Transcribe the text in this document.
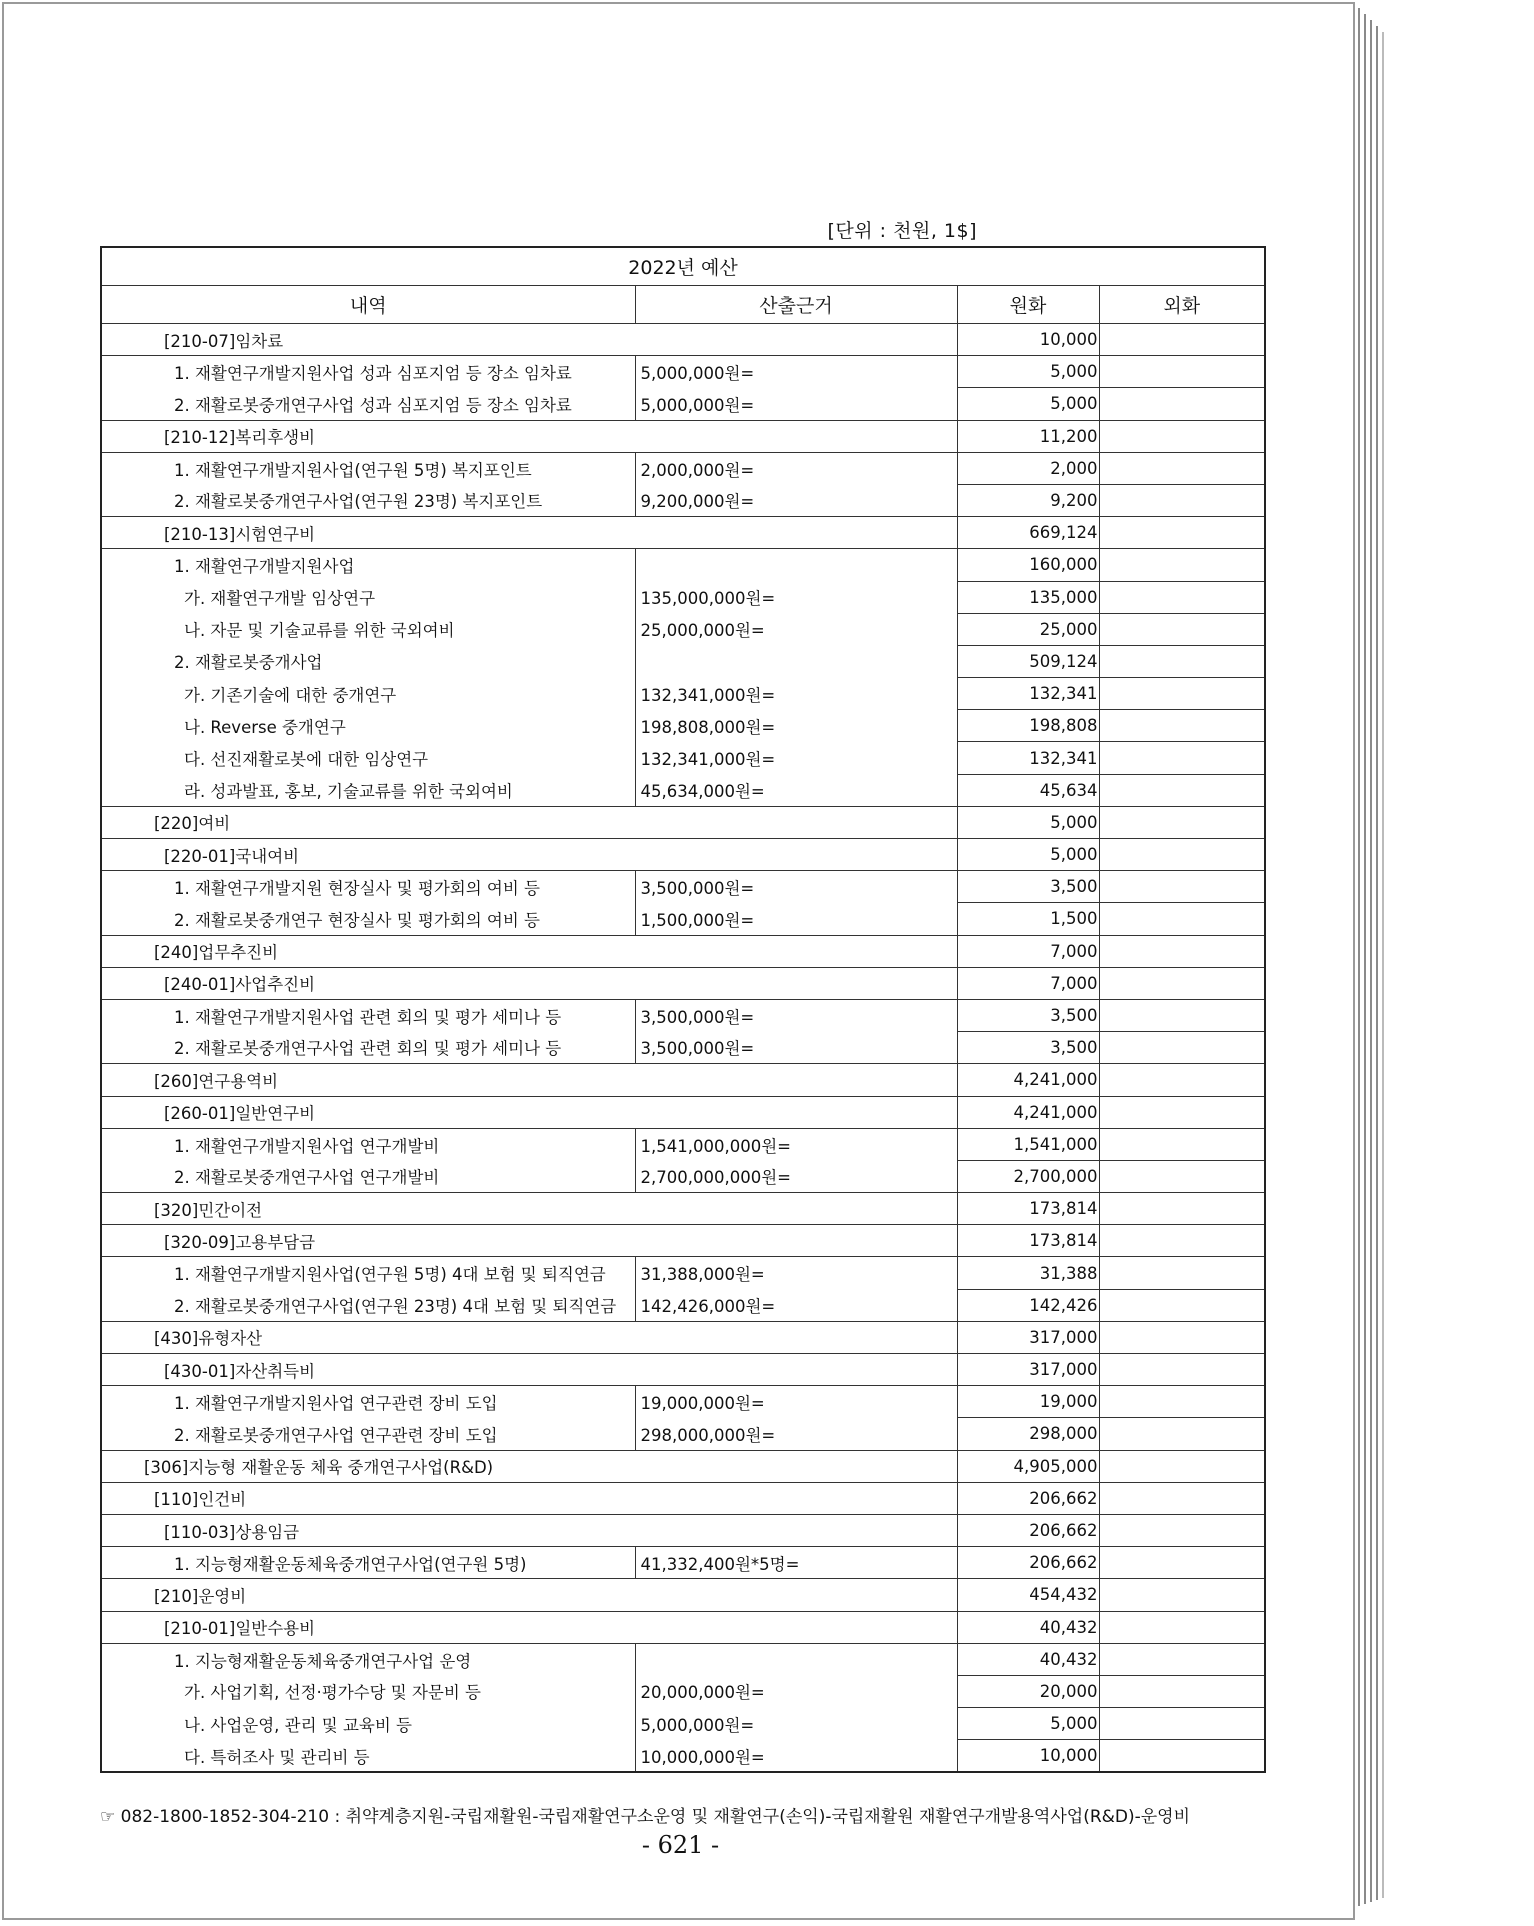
[단위 : 천원, 1$]
2022년 예산			
내역	산출근거	원화	외화
[210-07]임차료		10,000	
1. 재활연구개발지원사업 성과 심포지엄 등 장소 임차료	5,000,000원=	5,000	
2. 재활로봇중개연구사업 성과 심포지엄 등 장소 임차료	5,000,000원=	5,000	
[210-12]복리후생비		11,200	
1. 재활연구개발지원사업(연구원 5명) 복지포인트	2,000,000원=	2,000	
2. 재활로봇중개연구사업(연구원 23명) 복지포인트	9,200,000원=	9,200	
[210-13]시험연구비		669,124	
1. 재활연구개발지원사업		160,000	
가. 재활연구개발 임상연구	135,000,000원=	135,000	
나. 자문 및 기술교류를 위한 국외여비	25,000,000원=	25,000	
2. 재활로봇중개사업		509,124	
가. 기존기술에 대한 중개연구	132,341,000원=	132,341	
나. Reverse 중개연구	198,808,000원=	198,808	
다. 선진재활로봇에 대한 임상연구	132,341,000원=	132,341	
라. 성과발표, 홍보, 기술교류를 위한 국외여비	45,634,000원=	45,634	
[220]여비		5,000	
[220-01]국내여비		5,000	
1. 재활연구개발지원 현장실사 및 평가회의 여비 등	3,500,000원=	3,500	
2. 재활로봇중개연구 현장실사 및 평가회의 여비 등	1,500,000원=	1,500	
[240]업무추진비		7,000	
[240-01]사업추진비		7,000	
1. 재활연구개발지원사업 관련 회의 및 평가 세미나 등	3,500,000원=	3,500	
2. 재활로봇중개연구사업 관련 회의 및 평가 세미나 등	3,500,000원=	3,500	
[260]연구용역비		4,241,000	
[260-01]일반연구비		4,241,000	
1. 재활연구개발지원사업 연구개발비	1,541,000,000원=	1,541,000	
2. 재활로봇중개연구사업 연구개발비	2,700,000,000원=	2,700,000	
[320]민간이전		173,814	
[320-09]고용부담금		173,814	
1. 재활연구개발지원사업(연구원 5명) 4대 보험 및 퇴직연금	31,388,000원=	31,388	
2. 재활로봇중개연구사업(연구원 23명) 4대 보험 및 퇴직연금	142,426,000원=	142,426	
[430]유형자산		317,000	
[430-01]자산취득비		317,000	
1. 재활연구개발지원사업 연구관련 장비 도입	19,000,000원=	19,000	
2. 재활로봇중개연구사업 연구관련 장비 도입	298,000,000원=	298,000	
[306]지능형 재활운동 체육 중개연구사업(R&D)		4,905,000	
[110]인건비		206,662	
[110-03]상용임금		206,662	
1. 지능형재활운동체육중개연구사업(연구원 5명)	41,332,400원*5명=	206,662	
[210]운영비		454,432	
[210-01]일반수용비		40,432	
1. 지능형재활운동체육중개연구사업 운영		40,432	
가. 사업기획, 선정·평가수당 및 자문비 등	20,000,000원=	20,000	
나. 사업운영, 관리 및 교육비 등	5,000,000원=	5,000	
다. 특허조사 및 관리비 등	10,000,000원=	10,000	
☞ 082-1800-1852-304-210 : 취약계층지원-국립재활원-국립재활연구소운영 및 재활연구(손익)-국립재활원 재활연구개발용역사업(R&D)-운영비
- 621 -
